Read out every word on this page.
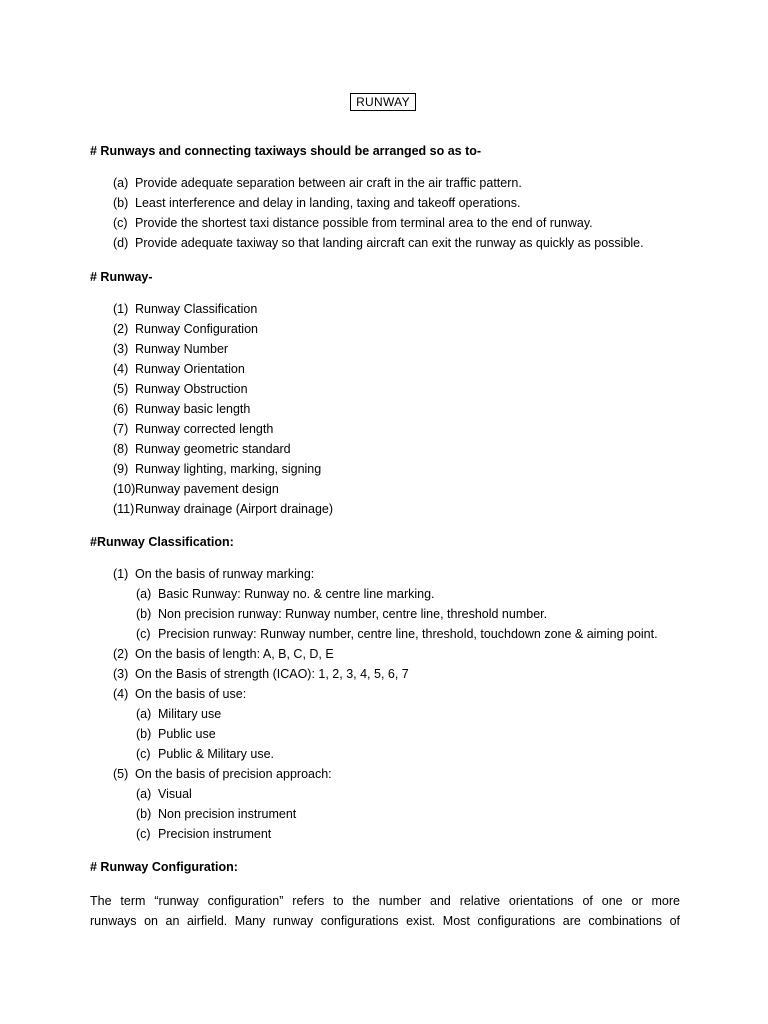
RUNWAY
# Runways and connecting taxiways should be arranged so as to-
(a) Provide adequate separation between air craft in the air traffic pattern.
(b) Least interference and delay in landing, taxing and takeoff operations.
(c) Provide the shortest taxi distance possible from terminal area to the end of runway.
(d) Provide adequate taxiway so that landing aircraft can exit the runway as quickly as possible.
# Runway-
(1) Runway Classification
(2) Runway Configuration
(3) Runway Number
(4) Runway Orientation
(5) Runway Obstruction
(6) Runway basic length
(7) Runway corrected length
(8) Runway geometric standard
(9) Runway lighting, marking, signing
(10) Runway pavement design
(11) Runway drainage (Airport drainage)
#Runway Classification:
(1) On the basis of runway marking:
(a) Basic Runway: Runway no. & centre line marking.
(b) Non precision runway: Runway number, centre line, threshold number.
(c) Precision runway: Runway number, centre line, threshold, touchdown zone & aiming point.
(2) On the basis of length: A, B, C, D, E
(3) On the Basis of strength (ICAO): 1, 2, 3, 4, 5, 6, 7
(4) On the basis of use:
(a) Military use
(b) Public use
(c) Public & Military use.
(5) On the basis of precision approach:
(a) Visual
(b) Non precision instrument
(c) Precision instrument
# Runway Configuration:
The term “runway configuration” refers to the number and relative orientations of one or more
runways on an airfield. Many runway configurations exist. Most configurations are combinations of
